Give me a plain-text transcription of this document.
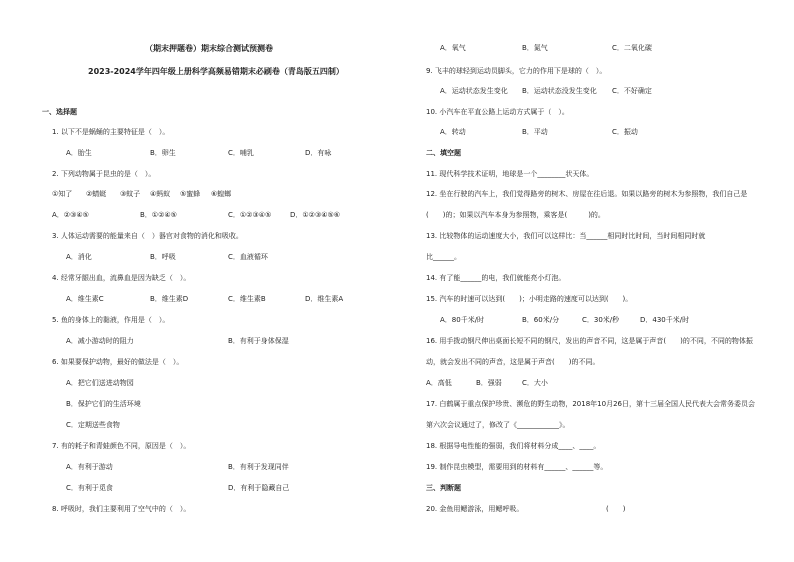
（期末押题卷）期末综合测试预测卷
2023-2024学年四年级上册科学高频易错期末必刷卷（青岛版五四制）
一、选择题
1. 以下不是蜗蛹的主要特征是（　）。
A．胎生	B．卵生	C．哺乳	D．有咏
2. 下列动物属于昆虫的是（　）。
①知了 ②蜻蜓 ③蚊子 ④蚂蚁 ⑤蜜蜂 ⑥蝗螂
A．②③④⑤	B．①②④⑤	C．①②③④⑤	D．①②③④⑤⑥
3. 人体运动需要的能量来自（　）器官对食物的消化和吸收。
A．消化	B．呼吸	C．血液循环
4. 经常牙龈出血，流鼻血是因为缺乏（　）。
A．维生素C	B．维生素D	C．维生素B	D．维生素A
5. 鱼的身体上的黏液，作用是（　）。
A．减小游动时的阻力	B．有利于身体保湿
6. 如果要保护动物，最好的做法是（　）。
A．把它们送进动物园
B．保护它们的生活环境
C．定期送些食物
7. 有的耗子和青蛙颜色不同，原因是（　）。
A．有利于游动	B．有利于发现同伴
C．有利于觅食	D．有利于隐藏自己
8. 呼吸时，我们主要利用了空气中的（　）。
A．氧气	B．氮气	C．二氧化碳
9. 飞丰的球轻到运动员脚头，它力的作用下是球的（　）。
A．运动状态发生变化 B．运动状态没发生变化 C．不好确定
10. 小汽车在平直公路上运动方式属于（　）。
A．转动	B．平动	C．振动
二、填空题
11. 现代科学技术证明，地球是一个________状天体。
12. 坐在行驶的汽车上，我们觉得路旁的树木、房屋在往后退。如果以路旁的树木为参照物，我们自己是
(　　)的；如果以汽车本身为参照物，乘客是(　　　)的。
13. 比较物体的运动速度大小，我们可以这样比：当______相同时比时间，当时间相同时就
比______。
14. 有了能______的电，我们就能亮小灯泡。
15. 汽车的时速可以达到(　　)；小明走路的速度可以达到(　　)。
A．80千米/时	B．60米/分	C．30米/秒	D．430千米/时
16. 用手拨动钢尺伸出桌面长短不同的钢尺，发出的声音不同，这是属于声音(　　)的不同，不同的物体振
动，就会发出不同的声音，这是属于声音(　　)的不同。
A．高低	B．强弱	C．大小
17. 白鹤属于重点保护珍贵、濒危的野生动物，2018年10月26日，第十三届全国人民代表大会常务委员会
第六次会议通过了，修改了《____________》。
18. 根据导电性能的强弱，我们将材料分成____、____。
19. 制作昆虫模型，需要用到的材料有______、______等。
三、判断题
20. 金鱼用鳃游泳，用鳃呼吸。	(　　)
